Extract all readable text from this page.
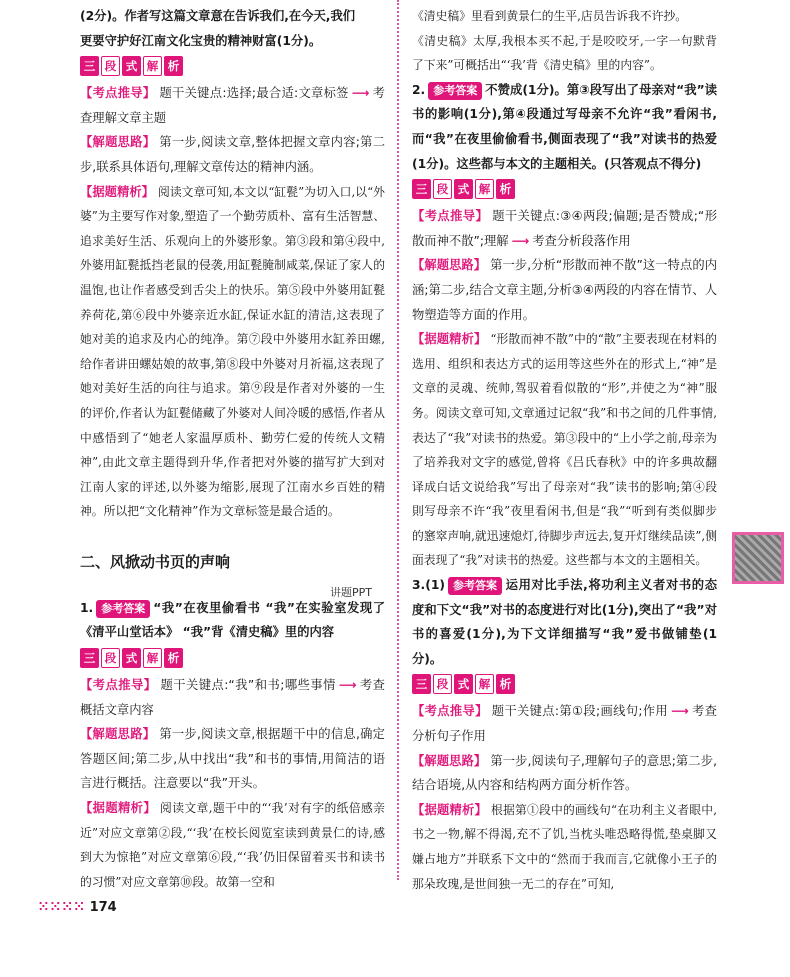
(2分)。作者写这篇文章意在告诉我们,在今天,我们

更要守护好江南文化宝贵的精神财富(1分)。

三 段 式 解 析

【考点推导】 题干关键点:选择;最合适:文章标签 ⟶ 考查理解文章主题

【解题思路】 第一步,阅读文章,整体把握文章内容;第二步,联系具体语句,理解文章传达的精神内涵。

【据题精析】 阅读文章可知,本文以“缸甏”为切入口,以“外婆”为主要写作对象,塑造了一个勤劳质朴、富有生活智慧、追求美好生活、乐观向上的外婆形象。第③段和第④段中,外婆用缸甏抵挡老鼠的侵袭,用缸甏腌制咸菜,保证了家人的温饱,也让作者感受到舌尖上的快乐。第⑤段中外婆用缸甏养荷花,第⑥段中外婆亲近水缸,保证水缸的清洁,这表现了她对美的追求及内心的纯净。第⑦段中外婆用水缸养田螺,给作者讲田螺姑娘的故事,第⑧段中外婆对月祈福,这表现了她对美好生活的向往与追求。第⑨段是作者对外婆的一生的评价,作者认为缸甏储藏了外婆对人间冷暖的感悟,作者从中感悟到了“她老人家温厚质朴、勤劳仁爱的传统人文精神”,由此文章主题得到升华,作者把对外婆的描写扩大到对江南人家的评述,以外婆为缩影,展现了江南水乡百姓的精神。所以把“文化精神”作为文章标签是最合适的。

二、风掀动书页的声响

1. 参考答案 “我”在夜里偷看书 “我”在实验室发现了《清平山堂话本》 “我”背《清史稿》里的内容

三 段 式 解 析

【考点推导】 题干关键点:“我”和书;哪些事情 ⟶ 考查概括文章内容

【解题思路】 第一步,阅读文章,根据题干中的信息,确定答题区间;第二步,从中找出“我”和书的事情,用简洁的语言进行概括。注意要以“我”开头。

【据题精析】 阅读文章,题干中的“‘我’对有字的纸倍感亲近”对应文章第②段,“‘我’在校长阅览室读到黄景仁的诗,感到大为惊艳”对应文章第⑥段,“‘我’仍旧保留着买书和读书的习惯”对应文章第⑩段。故第一空和

讲题PPT

《清史稿》里看到黄景仁的生平,店员告诉我不许抄。

《清史稿》太厚,我根本买不起,于是咬咬牙,一字一句默背了下来”可概括出“‘我’背《清史稿》里的内容”。

2. 参考答案 不赞成(1分)。第③段写出了母亲对“我”读书的影响(1分),第④段通过写母亲不允许“我”看闲书,而“我”在夜里偷偷看书,侧面表现了“我”对读书的热爱(1分)。这些都与本文的主题相关。(只答观点不得分)

三 段 式 解 析

【考点推导】 题干关键点:③④两段;偏题;是否赞成;“形散而神不散”;理解 ⟶ 考查分析段落作用

【解题思路】 第一步,分析“形散而神不散”这一特点的内涵;第二步,结合文章主题,分析③④两段的内容在情节、人物塑造等方面的作用。

【据题精析】 “形散而神不散”中的“散”主要表现在材料的选用、组织和表达方式的运用等这些外在的形式上,“神”是文章的灵魂、统帅,驾驭着看似散的“形”,并使之为“神”服务。阅读文章可知,文章通过记叙“我”和书之间的几件事情,表达了“我”对读书的热爱。第③段中的“上小学之前,母亲为了培养我对文字的感觉,曾将《吕氏春秋》中的许多典故翻译成白话文说给我”写出了母亲对“我”读书的影响;第④段則写母亲不许“我”夜里看闲书,但是“我”“听到有类似脚步的窸窣声响,就迅速熄灯,待脚步声远去,复开灯继续品读”,侧面表现了“我”对读书的热爱。这些都与本文的主题相关。

3.(1) 参考答案 运用对比手法,将功利主义者对书的态度和下文“我”对书的态度进行对比(1分),突出了“我”对书的喜爱(1分),为下文详细描写“我”爱书做铺垫(1分)。

三 段 式 解 析

【考点推导】 题干关键点:第①段;画线句;作用 ⟶ 考查分析句子作用

【解题思路】 第一步,阅读句子,理解句子的意思;第二步,结合语境,从内容和结构两方面分析作答。

【据题精析】 根据第①段中的画线句“在功利主义者眼中,书之一物,解不得渴,充不了饥,当枕头唯恐略得慌,垫桌脚又嫌占地方”并联系下文中的“然而于我而言,它就像小王子的那朵玫瑰,是世间独一无二的存在”可知,

⁙⁙⁙⁙ 174
